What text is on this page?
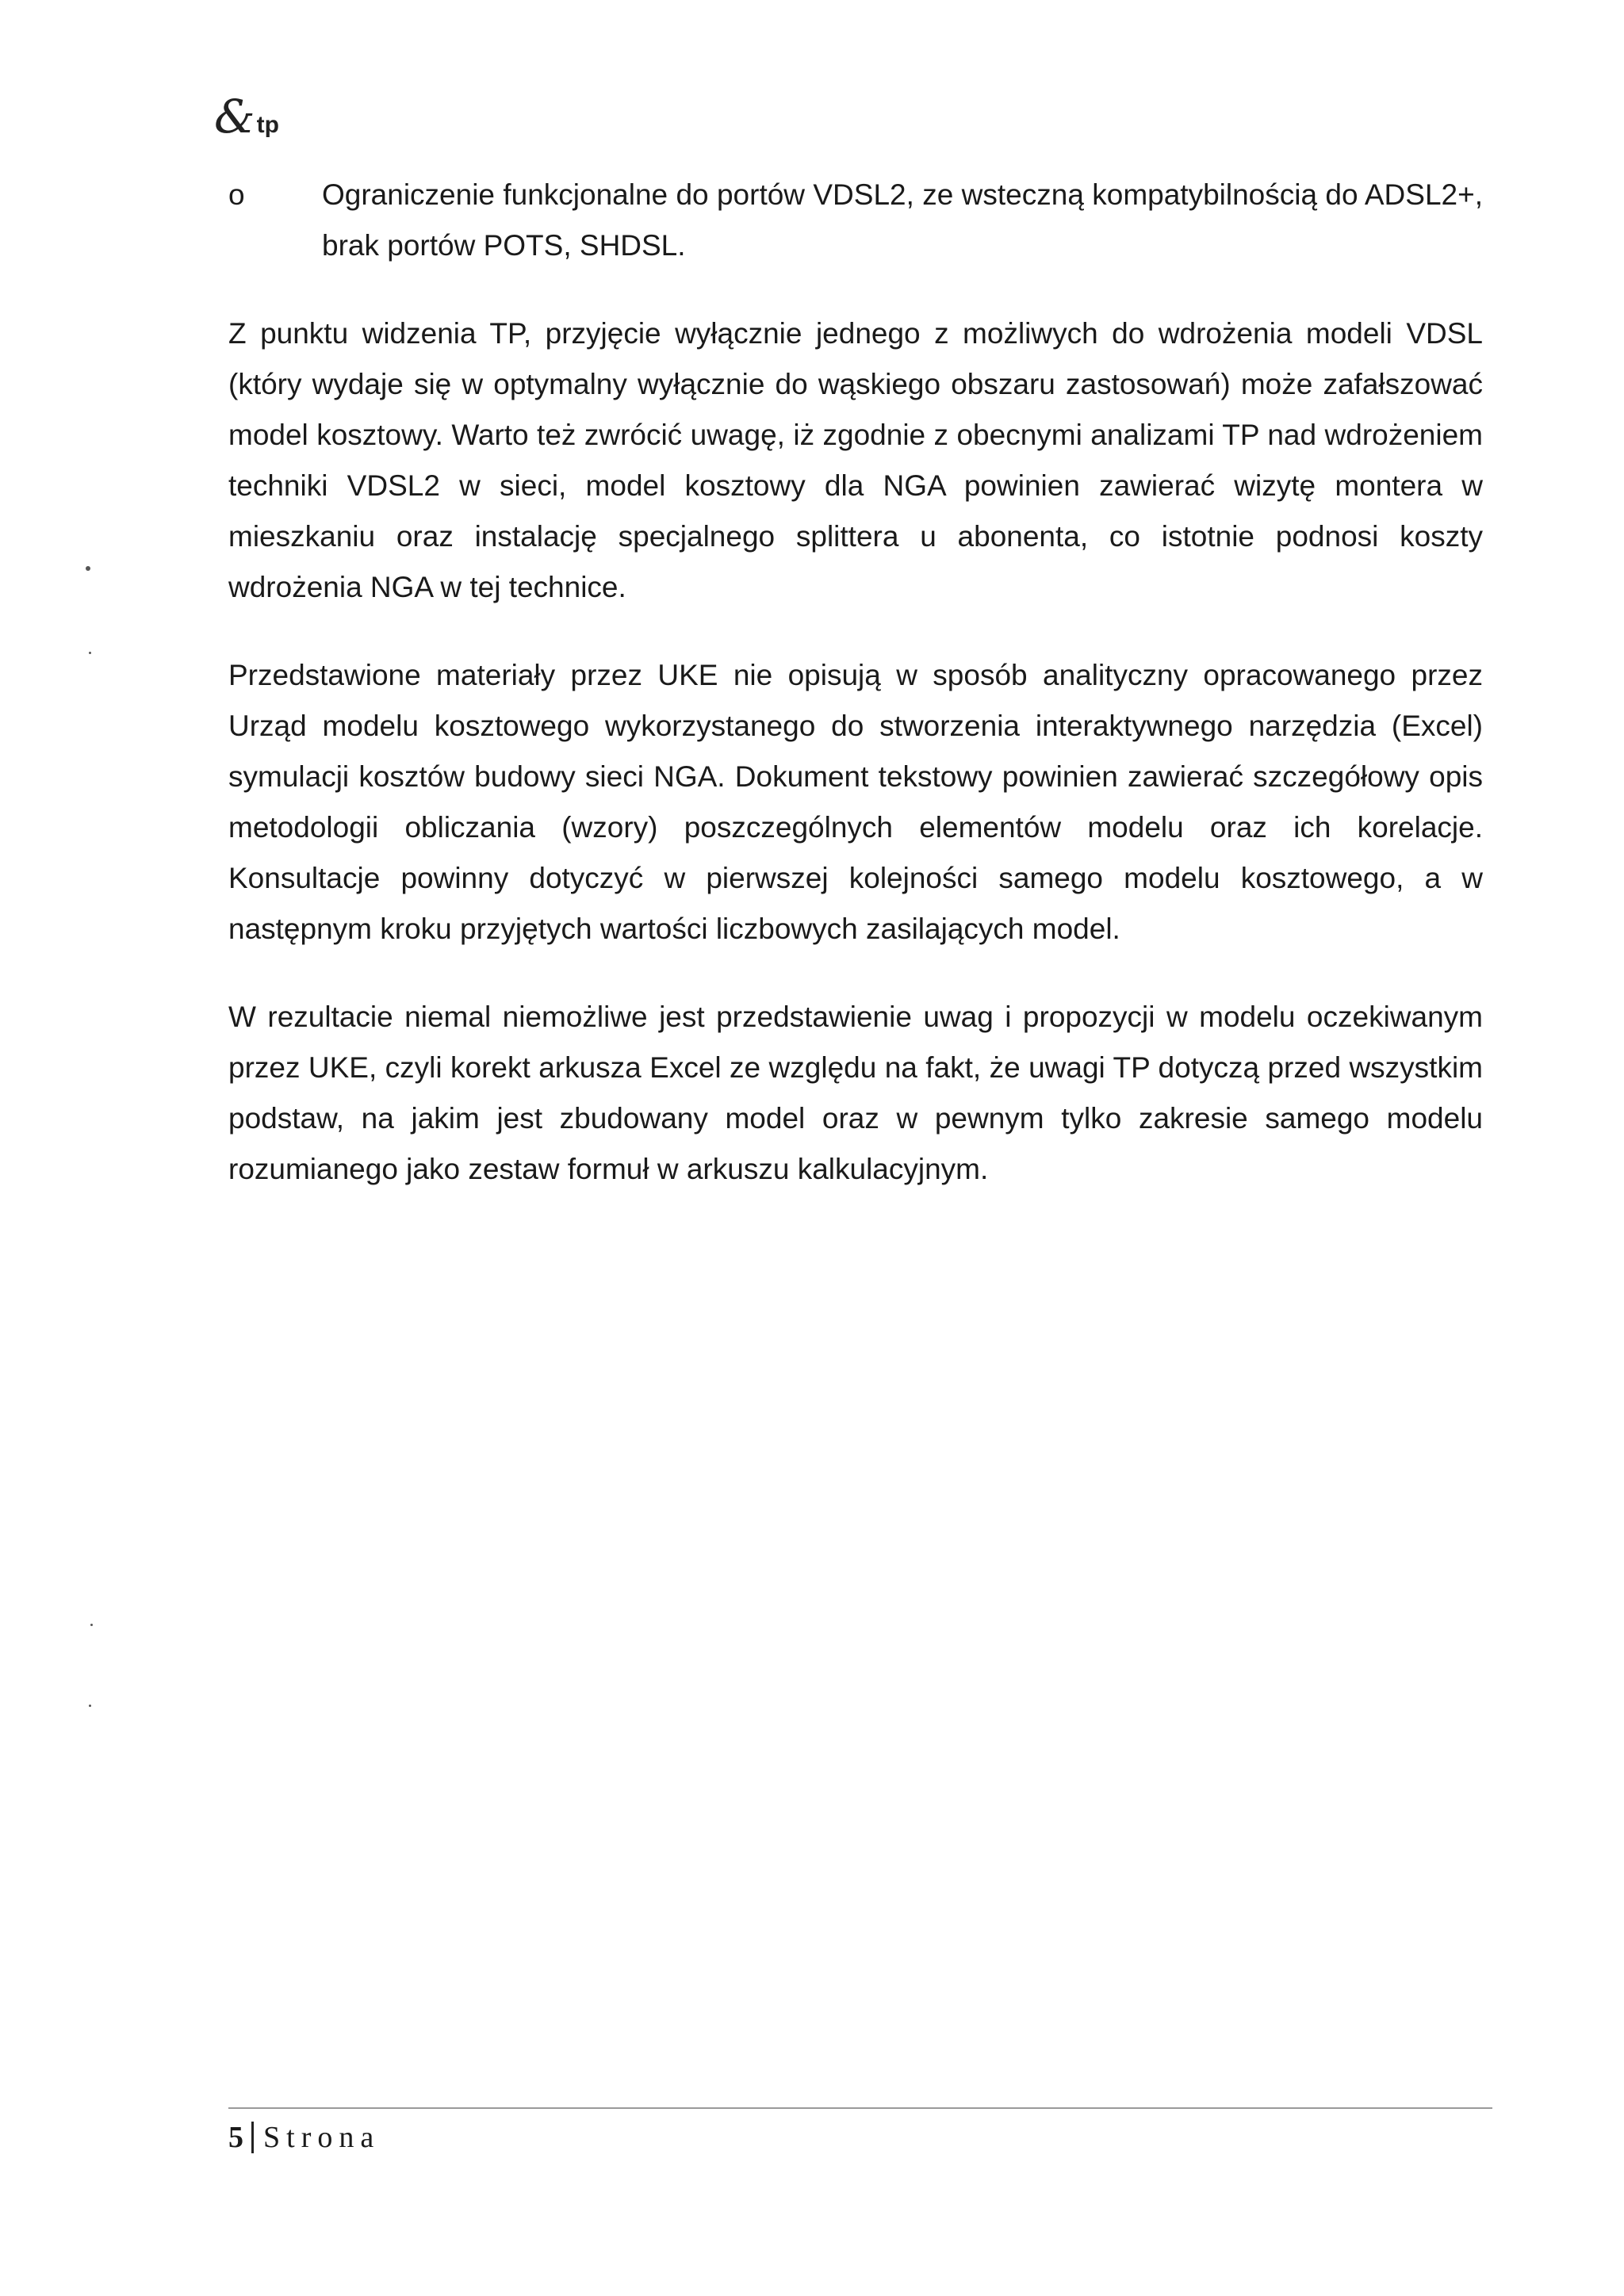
& tp
o	Ograniczenie funkcjonalne do portów VDSL2, ze wsteczną kompatybilnością do ADSL2+, brak portów POTS, SHDSL.

Z punktu widzenia TP, przyjęcie wyłącznie jednego z możliwych do wdrożenia modeli VDSL (który wydaje się w optymalny wyłącznie do wąskiego obszaru zastosowań) może zafałszować model kosztowy. Warto też zwrócić uwagę, iż zgodnie z obecnymi analizami TP nad wdrożeniem techniki VDSL2 w sieci, model kosztowy dla NGA powinien zawierać wizytę montera w mieszkaniu oraz instalację specjalnego splittera u abonenta, co istotnie podnosi koszty wdrożenia NGA w tej technice.

Przedstawione materiały przez UKE nie opisują w sposób analityczny opracowanego przez Urząd modelu kosztowego wykorzystanego do stworzenia interaktywnego narzędzia (Excel) symulacji kosztów budowy sieci NGA. Dokument tekstowy powinien zawierać szczegółowy opis metodologii obliczania (wzory) poszczególnych elementów modelu oraz ich korelacje. Konsultacje powinny dotyczyć w pierwszej kolejności samego modelu kosztowego, a w następnym kroku przyjętych wartości liczbowych zasilających model.

W rezultacie niemal niemożliwe jest przedstawienie uwag i propozycji w modelu oczekiwanym przez UKE, czyli korekt arkusza Excel ze względu na fakt, że uwagi TP dotyczą przed wszystkim podstaw, na jakim jest zbudowany model oraz w pewnym tylko zakresie samego modelu rozumianego jako zestaw formuł w arkuszu kalkulacyjnym.

5 Strona
